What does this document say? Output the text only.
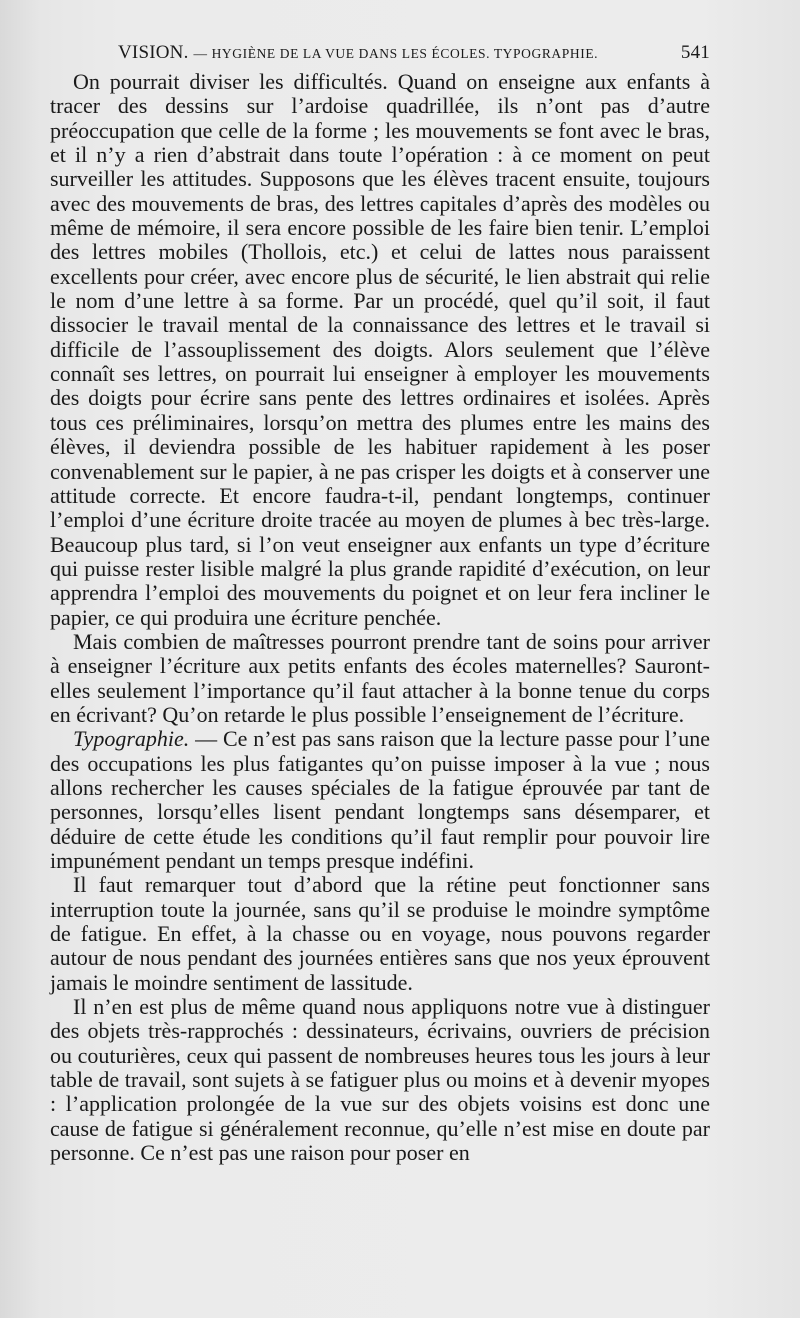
VISION. — HYGIÈNE DE LA VUE DANS LES ÉCOLES. TYPOGRAPHIE.	541

On pourrait diviser les difficultés. Quand on enseigne aux enfants à tracer des dessins sur l’ardoise quadrillée, ils n’ont pas d’autre préoccupation que celle de la forme ; les mouvements se font avec le bras, et il n’y a rien d’abstrait dans toute l’opération : à ce moment on peut surveiller les attitudes. Supposons que les élèves tracent ensuite, toujours avec des mouvements de bras, des lettres capitales d’après des modèles ou même de mémoire, il sera encore possible de les faire bien tenir. L’emploi des lettres mobiles (Thollois, etc.) et celui de lattes nous paraissent excellents pour créer, avec encore plus de sécurité, le lien abstrait qui relie le nom d’une lettre à sa forme. Par un procédé, quel qu’il soit, il faut dissocier le travail mental de la connaissance des lettres et le travail si difficile de l’assouplissement des doigts. Alors seulement que l’élève connaît ses lettres, on pourrait lui enseigner à employer les mouvements des doigts pour écrire sans pente des lettres ordinaires et isolées. Après tous ces préliminaires, lorsqu’on mettra des plumes entre les mains des élèves, il deviendra possible de les habituer rapidement à les poser convenablement sur le papier, à ne pas crisper les doigts et à conserver une attitude correcte. Et encore faudra-t-il, pendant longtemps, continuer l’emploi d’une écriture droite tracée au moyen de plumes à bec très-large. Beaucoup plus tard, si l’on veut enseigner aux enfants un type d’écriture qui puisse rester lisible malgré la plus grande rapidité d’exécution, on leur apprendra l’emploi des mouvements du poignet et on leur fera incliner le papier, ce qui produira une écriture penchée.

Mais combien de maîtresses pourront prendre tant de soins pour arriver à enseigner l’écriture aux petits enfants des écoles maternelles? Sauront-elles seulement l’importance qu’il faut attacher à la bonne tenue du corps en écrivant? Qu’on retarde le plus possible l’enseignement de l’écriture.

Typographie. — Ce n’est pas sans raison que la lecture passe pour l’une des occupations les plus fatigantes qu’on puisse imposer à la vue ; nous allons rechercher les causes spéciales de la fatigue éprouvée par tant de personnes, lorsqu’elles lisent pendant longtemps sans désemparer, et déduire de cette étude les conditions qu’il faut remplir pour pouvoir lire impunément pendant un temps presque indéfini.

Il faut remarquer tout d’abord que la rétine peut fonctionner sans interruption toute la journée, sans qu’il se produise le moindre symptôme de fatigue. En effet, à la chasse ou en voyage, nous pouvons regarder autour de nous pendant des journées entières sans que nos yeux éprouvent jamais le moindre sentiment de lassitude.

Il n’en est plus de même quand nous appliquons notre vue à distinguer des objets très-rapprochés : dessinateurs, écrivains, ouvriers de précision ou couturières, ceux qui passent de nombreuses heures tous les jours à leur table de travail, sont sujets à se fatiguer plus ou moins et à devenir myopes : l’application prolongée de la vue sur des objets voisins est donc une cause de fatigue si généralement reconnue, qu’elle n’est mise en doute par personne. Ce n’est pas une raison pour poser en
